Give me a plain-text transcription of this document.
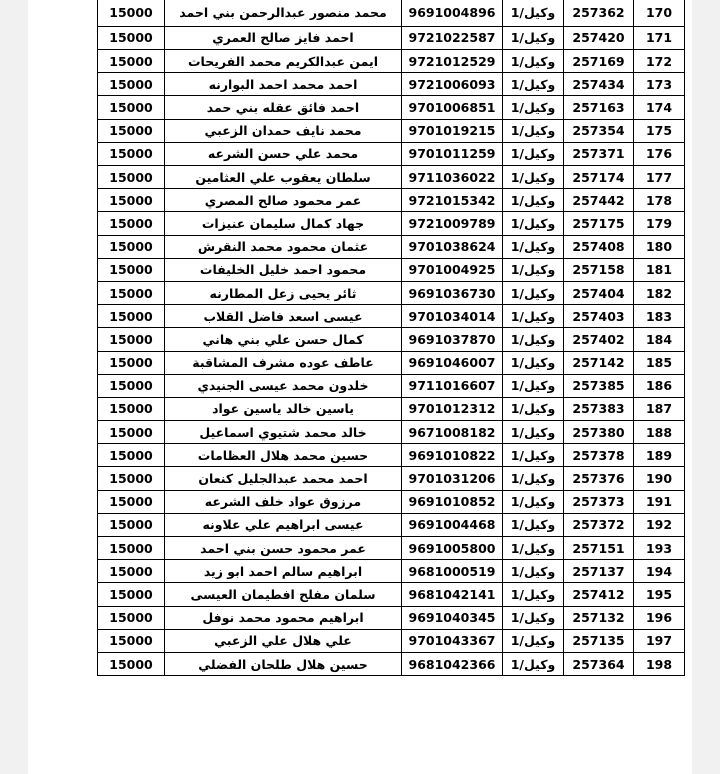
15000	محمد منصور عبدالرحمن بني احمد	9691004896	وكيل/1	257362	170
15000	احمد فايز صالح العمري	9721022587	وكيل/1	257420	171
15000	ايمن عبدالكريم محمد الفريحات	9721012529	وكيل/1	257169	172
15000	احمد محمد احمد البوارنه	9721006093	وكيل/1	257434	173
15000	احمد فائق عقله بني حمد	9701006851	وكيل/1	257163	174
15000	محمد نايف حمدان الزعبي	9701019215	وكيل/1	257354	175
15000	محمد علي حسن الشرعه	9701011259	وكيل/1	257371	176
15000	سلطان يعقوب علي العثامين	9711036022	وكيل/1	257174	177
15000	عمر محمود صالح المصري	9721015342	وكيل/1	257442	178
15000	جهاد كمال سليمان عنيزات	9721009789	وكيل/1	257175	179
15000	عثمان محمود محمد النقرش	9701038624	وكيل/1	257408	180
15000	محمود احمد خليل الخليفات	9701004925	وكيل/1	257158	181
15000	ثائر يحيى زعل المطارنه	9691036730	وكيل/1	257404	182
15000	عيسى اسعد فاضل القلاب	9701034014	وكيل/1	257403	183
15000	كمال حسن علي بني هاني	9691037870	وكيل/1	257402	184
15000	عاطف عوده مشرف المشاقبة	9691046007	وكيل/1	257142	185
15000	خلدون محمد عيسى الجنيدي	9711016607	وكيل/1	257385	186
15000	ياسين خالد ياسين عواد	9701012312	وكيل/1	257383	187
15000	خالد محمد شتيوي اسماعيل	9671008182	وكيل/1	257380	188
15000	حسين محمد هلال العظامات	9691010822	وكيل/1	257378	189
15000	احمد محمد عبدالجليل كنعان	9701031206	وكيل/1	257376	190
15000	مرزوق عواد خلف الشرعه	9691010852	وكيل/1	257373	191
15000	عيسى ابراهيم علي علاونه	9691004468	وكيل/1	257372	192
15000	عمر محمود حسن بني احمد	9691005800	وكيل/1	257151	193
15000	ابراهيم سالم احمد ابو زيد	9681000519	وكيل/1	257137	194
15000	سلمان مفلح افطيمان العيسى	9681042141	وكيل/1	257412	195
15000	ابراهيم محمود محمد نوفل	9691040345	وكيل/1	257132	196
15000	علي هلال علي الزعبي	9701043367	وكيل/1	257135	197
15000	حسين هلال طلحان الفضلي	9681042366	وكيل/1	257364	198
